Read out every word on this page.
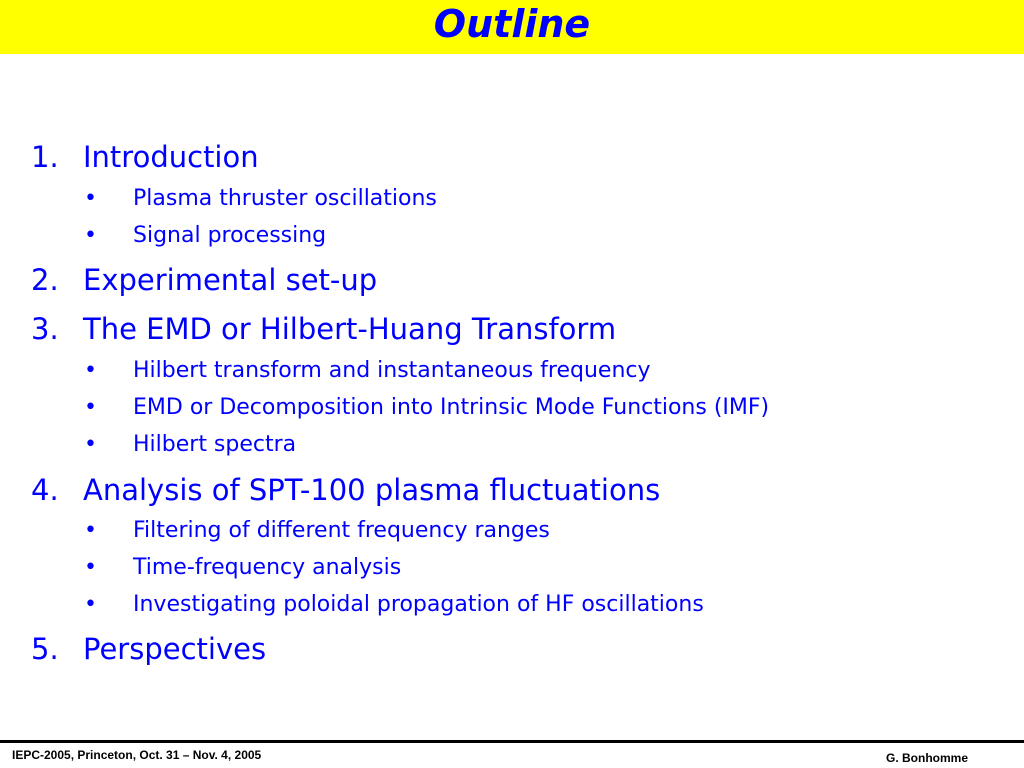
Outline
1. Introduction
• Plasma thruster oscillations
• Signal processing
2. Experimental set-up
3. The EMD or Hilbert-Huang Transform
• Hilbert transform and instantaneous frequency
• EMD or Decomposition into Intrinsic Mode Functions (IMF)
• Hilbert spectra
4. Analysis of SPT-100 plasma fluctuations
• Filtering of different frequency ranges
• Time-frequency analysis
• Investigating poloidal propagation of HF oscillations
5. Perspectives
IEPC-2005, Princeton, Oct. 31 – Nov. 4, 2005	G. Bonhomme
